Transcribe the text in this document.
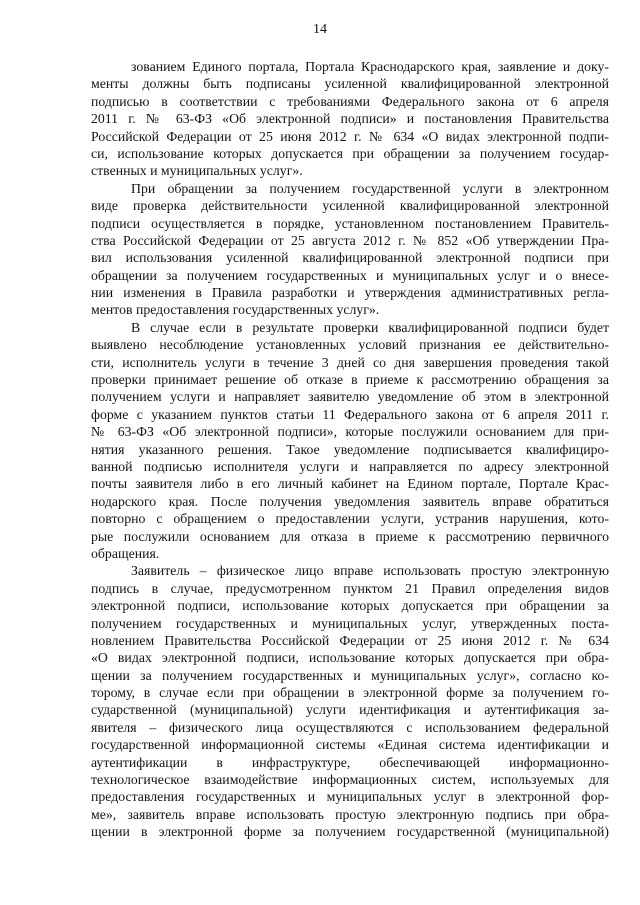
14
зованием Единого портала, Портала Краснодарского края, заявление и доку-
менты должны быть подписаны усиленной квалифицированной электронной
подписью в соответствии с требованиями Федерального закона от 6 апреля
2011 г. № 63-ФЗ «Об электронной подписи» и постановления Правительства
Российской Федерации от 25 июня 2012 г. № 634 «О видах электронной подпи-
си, использование которых допускается при обращении за получением государ-
ственных и муниципальных услуг».
При обращении за получением государственной услуги в электронном
виде проверка действительности усиленной квалифицированной электронной
подписи осуществляется в порядке, установленном постановлением Правитель-
ства Российской Федерации от 25 августа 2012 г. № 852 «Об утверждении Пра-
вил использования усиленной квалифицированной электронной подписи при
обращении за получением государственных и муниципальных услуг и о внесе-
нии изменения в Правила разработки и утверждения административных регла-
ментов предоставления государственных услуг».
В случае если в результате проверки квалифицированной подписи будет
выявлено несоблюдение установленных условий признания ее действительно-
сти, исполнитель услуги в течение 3 дней со дня завершения проведения такой
проверки принимает решение об отказе в приеме к рассмотрению обращения за
получением услуги и направляет заявителю уведомление об этом в электронной
форме с указанием пунктов статьи 11 Федерального закона от 6 апреля 2011 г.
№ 63-ФЗ «Об электронной подписи», которые послужили основанием для при-
нятия указанного решения. Такое уведомление подписывается квалифициро-
ванной подписью исполнителя услуги и направляется по адресу электронной
почты заявителя либо в его личный кабинет на Едином портале, Портале Крас-
нодарского края. После получения уведомления заявитель вправе обратиться
повторно с обращением о предоставлении услуги, устранив нарушения, кото-
рые послужили основанием для отказа в приеме к рассмотрению первичного
обращения.
Заявитель – физическое лицо вправе использовать простую электронную
подпись в случае, предусмотренном пунктом 21 Правил определения видов
электронной подписи, использование которых допускается при обращении за
получением государственных и муниципальных услуг, утвержденных поста-
новлением Правительства Российской Федерации от 25 июня 2012 г. № 634
«О видах электронной подписи, использование которых допускается при обра-
щении за получением государственных и муниципальных услуг», согласно ко-
торому, в случае если при обращении в электронной форме за получением го-
сударственной (муниципальной) услуги идентификация и аутентификация за-
явителя – физического лица осуществляются с использованием федеральной
государственной информационной системы «Единая система идентификации и
аутентификации в инфраструктуре, обеспечивающей информационно-
технологическое взаимодействие информационных систем, используемых для
предоставления государственных и муниципальных услуг в электронной фор-
ме», заявитель вправе использовать простую электронную подпись при обра-
щении в электронной форме за получением государственной (муниципальной)
